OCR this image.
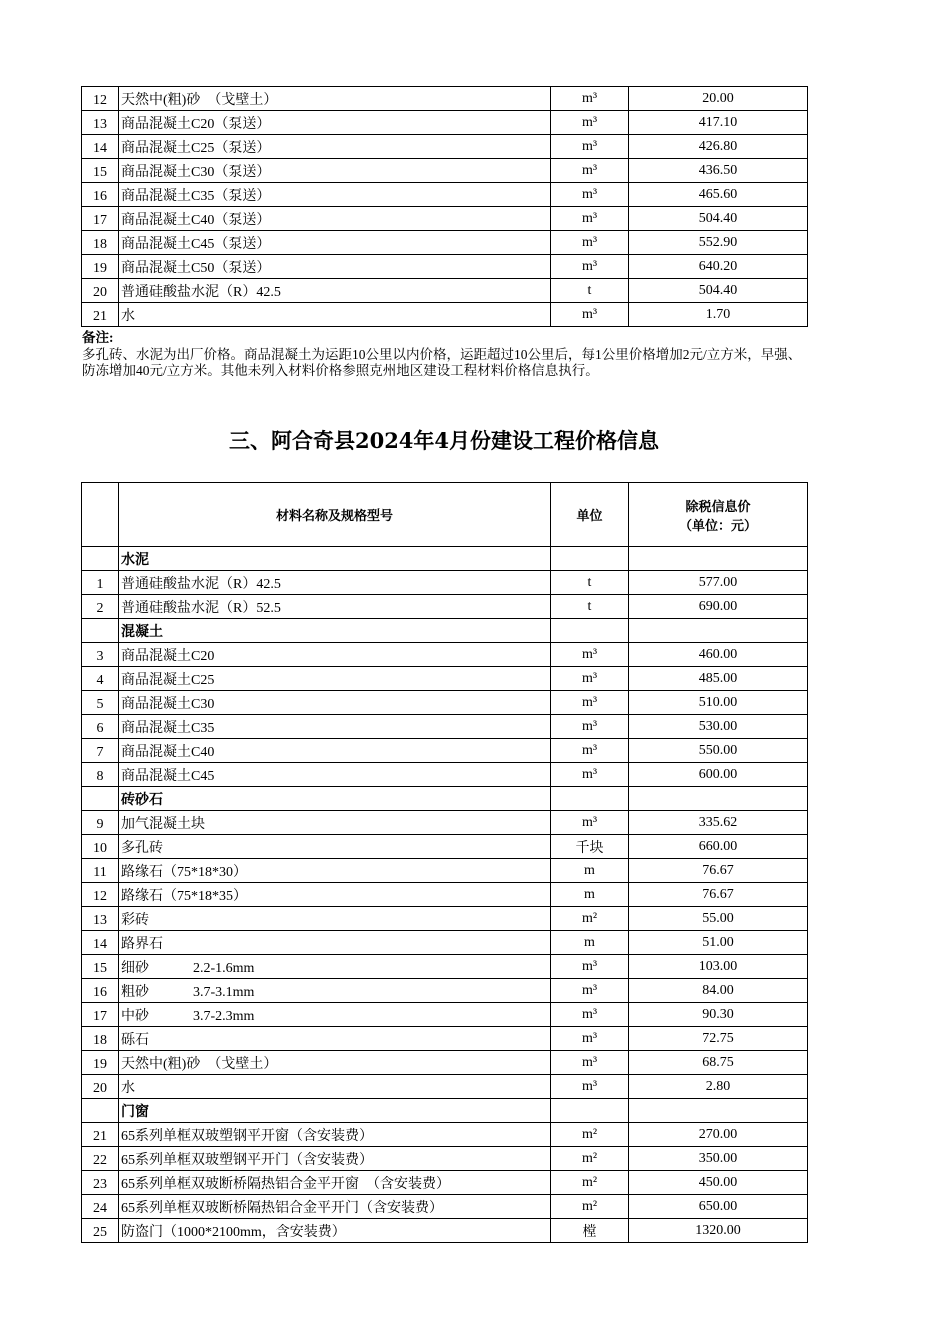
12	天然中(粗)砂　（戈壁土）	m³	20.00
13	商品混凝土C20（泵送）	m³	417.10
14	商品混凝土C25（泵送）	m³	426.80
15	商品混凝土C30（泵送）	m³	436.50
16	商品混凝土C35（泵送）	m³	465.60
17	商品混凝土C40（泵送）	m³	504.40
18	商品混凝土C45（泵送）	m³	552.90
19	商品混凝土C50（泵送）	m³	640.20
20	普通硅酸盐水泥（R）42.5	t	504.40
21	水	m³	1.70
备注:
多孔砖、水泥为出厂价格。商品混凝土为运距10公里以内价格，运距超过10公里后，每1公里价格增加2元/立方米，早强、防冻增加40元/立方米。其他未列入材料价格参照克州地区建设工程材料价格信息执行。
三、阿合奇县2024年4月份建设工程价格信息
	材料名称及规格型号	单位	除税信息价
（单位：元）

	水泥		
1	普通硅酸盐水泥（R）42.5	t	577.00
2	普通硅酸盐水泥（R）52.5	t	690.00
	混凝土		
3	商品混凝土C20	m³	460.00
4	商品混凝土C25	m³	485.00
5	商品混凝土C30	m³	510.00
6	商品混凝土C35	m³	530.00
7	商品混凝土C40	m³	550.00
8	商品混凝土C45	m³	600.00
	砖砂石		
9	加气混凝土块	m³	335.62
10	多孔砖	千块	660.00
11	路缘石（75*18*30）	m	76.67
12	路缘石（75*18*35）	m	76.67
13	彩砖	m²	55.00
14	路界石	m	51.00
15	细砂 2.2-1.6mm	m³	103.00
16	粗砂 3.7-3.1mm	m³	84.00
17	中砂 3.7-2.3mm	m³	90.30
18	砾石	m³	72.75
19	天然中(粗)砂　（戈壁土）	m³	68.75
20	水	m³	2.80
	门窗		
21	65系列单框双玻塑钢平开窗（含安装费）	m²	270.00
22	65系列单框双玻塑钢平开门（含安装费）	m²	350.00
23	65系列单框双玻断桥隔热铝合金平开窗　（含安装费）	m²	450.00
24	65系列单框双玻断桥隔热铝合金平开门（含安装费）	m²	650.00
25	防盗门（1000*2100mm，含安装费）	樘	1320.00
